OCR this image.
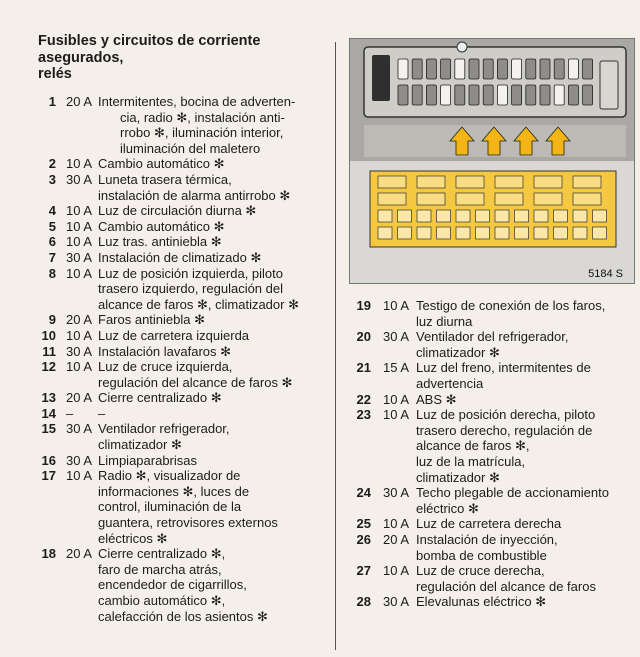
Fusibles y circuitos de corriente
asegurados,
relés
1 20 A Intermitentes, bocina de adverten-
cia, radio ✻, instalación anti-
rrobo ✻, iluminación interior,
iluminación del maletero
2 10 A Cambio automático ✻
3 30 A Luneta trasera térmica,
instalación de alarma antirrobo ✻
4 10 A Luz de circulación diurna ✻
5 10 A Cambio automático ✻
6 10 A Luz tras. antiniebla ✻
7 30 A Instalación de climatizado ✻
8 10 A Luz de posición izquierda, piloto
trasero izquierdo, regulación del
alcance de faros ✻, climatizador ✻
9 20 A Faros antiniebla ✻
10 10 A Luz de carretera izquierda
11 30 A Instalación lavafaros ✻
12 10 A Luz de cruce izquierda,
regulación del alcance de faros ✻
13 20 A Cierre centralizado ✻
14 –	–
15 30 A Ventilador refrigerador,
climatizador ✻
16 30 A Limpiaparabrisas
17 10 A Radio ✻, visualizador de
informaciones ✻, luces de
control, iluminación de la
guantera, retrovisores externos
eléctricos ✻
18 20 A Cierre centralizado ✻,
faro de marcha atrás,
encendedor de cigarrillos,
cambio automático ✻,
calefacción de los asientos ✻
19 10 A Testigo de conexión de los faros,
luz diurna
20 30 A Ventilador del refrigerador,
climatizador ✻
21 15 A Luz del freno, intermitentes de
advertencia
22 10 A ABS ✻
23 10 A Luz de posición derecha, piloto
trasero derecho, regulación de
alcance de faros ✻,
luz de la matrícula,
climatizador ✻
24 30 A Techo plegable de accionamiento
eléctrico ✻
25 10 A Luz de carretera derecha
26 20 A Instalación de inyección,
bomba de combustible
27 10 A Luz de cruce derecha,
regulación del alcance de faros
28 30 A Elevalunas eléctrico ✻
5184 S
